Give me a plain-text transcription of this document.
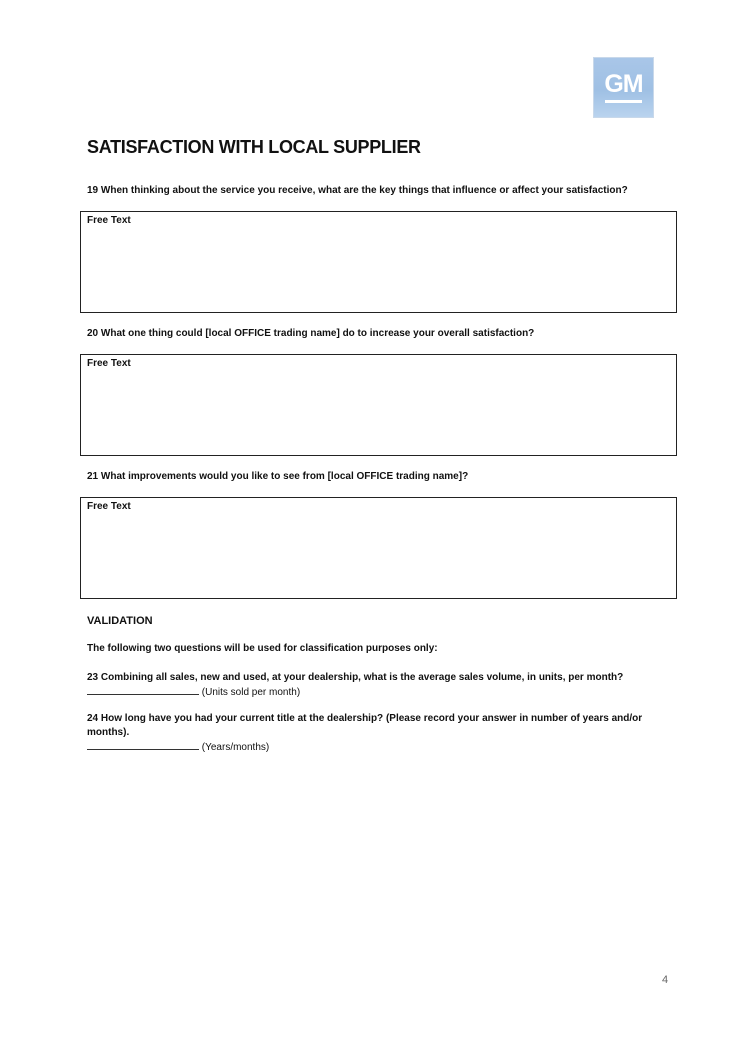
GM
SATISFACTION WITH LOCAL SUPPLIER
19 When thinking about the service you receive, what are the key things that influence or affect your satisfaction?
Free Text
20 What one thing could [local OFFICE trading name] do to increase your overall satisfaction?
Free Text
21 What improvements would you like to see from [local OFFICE trading name]?
Free Text
VALIDATION
The following two questions will be used for classification purposes only:
23 Combining all sales, new and used, at your dealership, what is the average sales volume, in units, per month?
(Units sold per month)
24 How long have you had your current title at the dealership? (Please record your answer in number of years and/or months).
(Years/months)
4
